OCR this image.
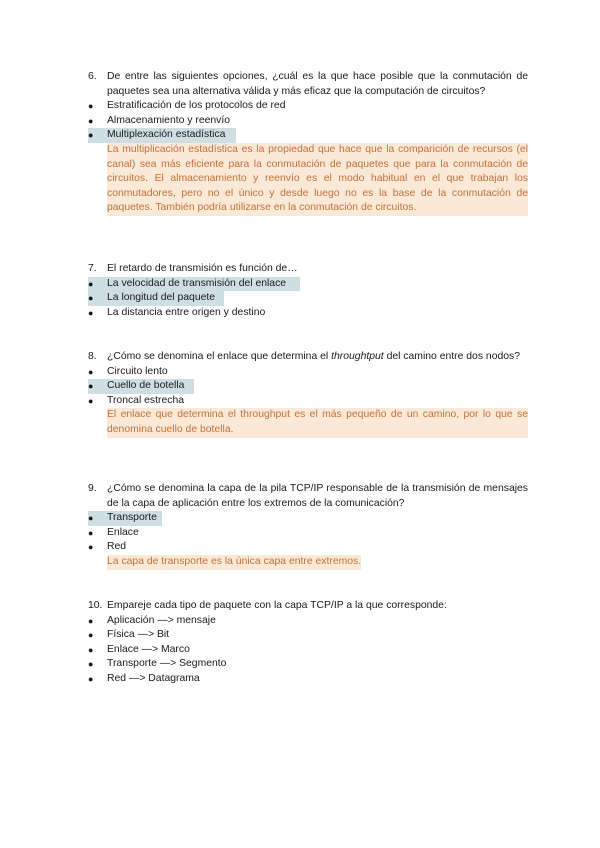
6. De entre las siguientes opciones, ¿cuál es la que hace posible que la conmutación de paquetes sea una alternativa válida y más eficaz que la computación de circuitos?
●	Estratificación de los protocolos de red
●	Almacenamiento y reenvío
●	Multiplexación estadística
La multiplicación estadística es la propiedad que hace que la comparición de recursos (el canal) sea más eficiente para la conmutación de paquetes que para la conmutación de circuitos. El almacenamiento y reenvío es el modo habitual en el que trabajan los conmutadores, pero no el único y desde luego no es la base de la conmutación de paquetes. También podría utilizarse en la conmutación de circuitos.
7. El retardo de transmisión es función de…
●	La velocidad de transmisión del enlace
●	La longitud del paquete
●	La distancia entre origen y destino
8. ¿Cómo se denomina el enlace que determina el throughtput del camino entre dos nodos?
●	Circuito lento
●	Cuello de botella
●	Troncal estrecha
El enlace que determina el throughput es el más pequeño de un camino, por lo que se denomina cuello de botella.
9. ¿Cómo se denomina la capa de la pila TCP/IP responsable de la transmisión de mensajes de la capa de aplicación entre los extremos de la comunicación?
●	Transporte
●	Enlace
●	Red
La capa de transporte es la única capa entre extremos.
10. Empareje cada tipo de paquete con la capa TCP/IP a la que corresponde:
●	Aplicación —> mensaje
●	Física —> Bit
●	Enlace —> Marco
●	Transporte —> Segmento
●	Red —> Datagrama
